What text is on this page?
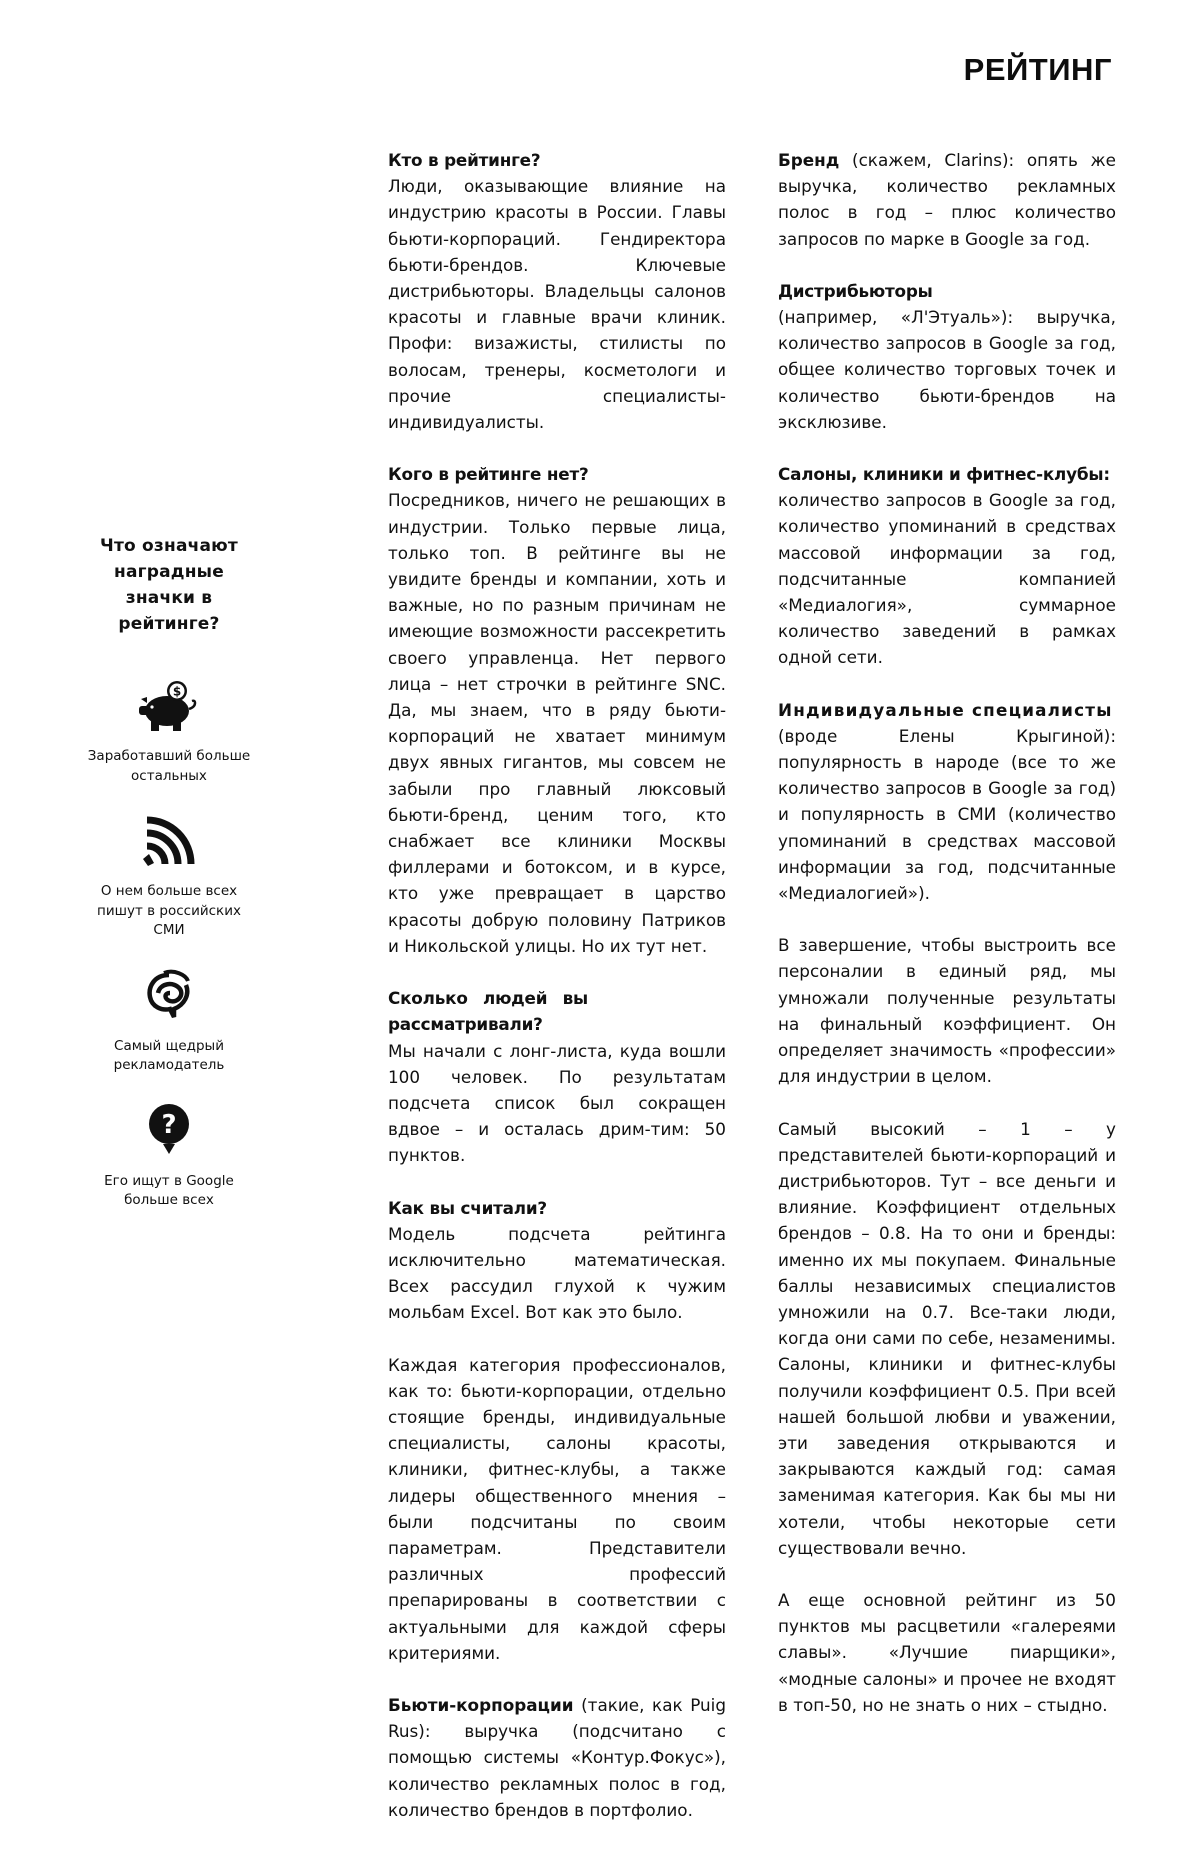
РЕЙТИНГ
Что означают наградные значки в рейтинге?
$
Заработавший больше остальных
О нем больше всех пишут в российских СМИ
Самый щедрый рекламодатель
?
Его ищут в Google больше всех
Кто в рейтинге?

Люди, оказывающие влияние на индустрию красоты в России. Главы бьюти-корпораций. Гендиректора бьюти-брендов. Ключевые дистрибьюторы. Владельцы салонов красоты и главные врачи клиник. Профи: визажисты, стилисты по волосам, тренеры, косметологи и прочие специалисты-индивидуалисты.

Кого в рейтинге нет?

Посредников, ничего не решающих в индустрии. Только первые лица, только топ. В рейтинге вы не увидите бренды и компании, хоть и важные, но по разным причинам не имеющие возможности рассекретить своего управленца. Нет первого лица – нет строчки в рейтинге SNC. Да, мы знаем, что в ряду бьюти-корпораций не хватает минимум двух явных гигантов, мы совсем не забыли про главный люксовый бьюти-бренд, ценим того, кто снабжает все клиники Москвы филлерами и ботоксом, и в курсе, кто уже превращает в царство красоты добрую половину Патриков и Никольской улицы. Но их тут нет.

Сколько людей вы рассматривали?

Мы начали с лонг-листа, куда вошли 100 человек. По результатам подсчета список был сокращен вдвое – и осталась дрим-тим: 50 пунктов.

Как вы считали?

Модель подсчета рейтинга исключительно математическая. Всех рассудил глухой к чужим мольбам Excel. Вот как это было.

Каждая категория профессионалов, как то: бьюти-корпорации, отдельно стоящие бренды, индивидуальные специалисты, салоны красоты, клиники, фитнес-клубы, а также лидеры общественного мнения – были подсчитаны по своим параметрам. Представители различных профессий препарированы в соответствии с актуальными для каждой сферы критериями.

Бьюти-корпорации (такие, как Puig Rus): выручка (подсчитано с помощью системы «Контур.Фокус»), количество рекламных полос в год, количество брендов в портфолио.

Бренд (скажем, Clarins): опять же выручка, количество рекламных полос в год – плюс количество запросов по марке в Google за год.

Дистрибьюторы

(например, «Л'Этуаль»): выручка, количество запросов в Google за год, общее количество торговых точек и количество бьюти-брендов на эксклюзиве.

Салоны, клиники и фитнес-клубы:

количество запросов в Google за год, количество упоминаний в средствах массовой информации за год, подсчитанные компанией «Медиалогия», суммарное количество заведений в рамках одной сети.

Индивидуальные специалисты

(вроде Елены Крыгиной): популярность в народе (все то же количество запросов в Google за год) и популярность в СМИ (количество упоминаний в средствах массовой информации за год, подсчитанные «Медиалогией»).

В завершение, чтобы выстроить все персоналии в единый ряд, мы умножали полученные результаты на финальный коэффициент. Он определяет значимость «профессии» для индустрии в целом.

Самый высокий – 1 – у представителей бьюти-корпораций и дистрибьюторов. Тут – все деньги и влияние. Коэффициент отдельных брендов – 0.8. На то они и бренды: именно их мы покупаем. Финальные баллы независимых специалистов умножили на 0.7. Все-таки люди, когда они сами по себе, незаменимы. Салоны, клиники и фитнес-клубы получили коэффициент 0.5. При всей нашей большой любви и уважении, эти заведения открываются и закрываются каждый год: самая заменимая категория. Как бы мы ни хотели, чтобы некоторые сети существовали вечно.

А еще основной рейтинг из 50 пунктов мы расцветили «галереями славы». «Лучшие пиарщики», «модные салоны» и прочее не входят в топ-50, но не знать о них – стыдно.
